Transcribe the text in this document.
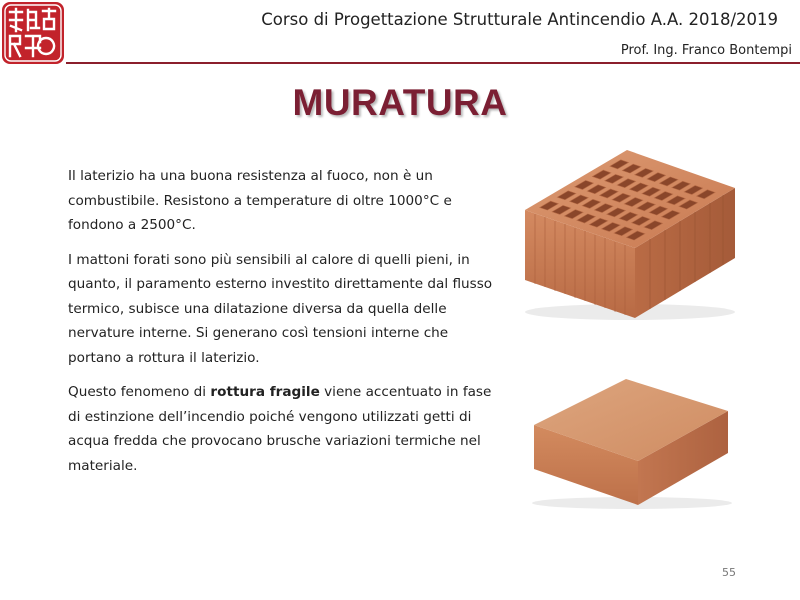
Corso di Progettazione Strutturale Antincendio A.A. 2018/2019
Prof. Ing. Franco Bontempi
MURATURA

Il laterizio ha una buona resistenza al fuoco, non è un combustibile. Resistono a temperature di oltre 1000°C e fondono a 2500°C.

I mattoni forati sono più sensibili al calore di quelli pieni, in quanto, il paramento esterno investito direttamente dal flusso termico, subisce una dilatazione diversa da quella delle nervature interne. Si generano così tensioni interne che portano a rottura il laterizio.

Questo fenomeno di rottura fragile viene accentuato in fase di estinzione dell’incendio poiché vengono utilizzati getti di acqua fredda che provocano brusche variazioni termiche nel materiale.

55
